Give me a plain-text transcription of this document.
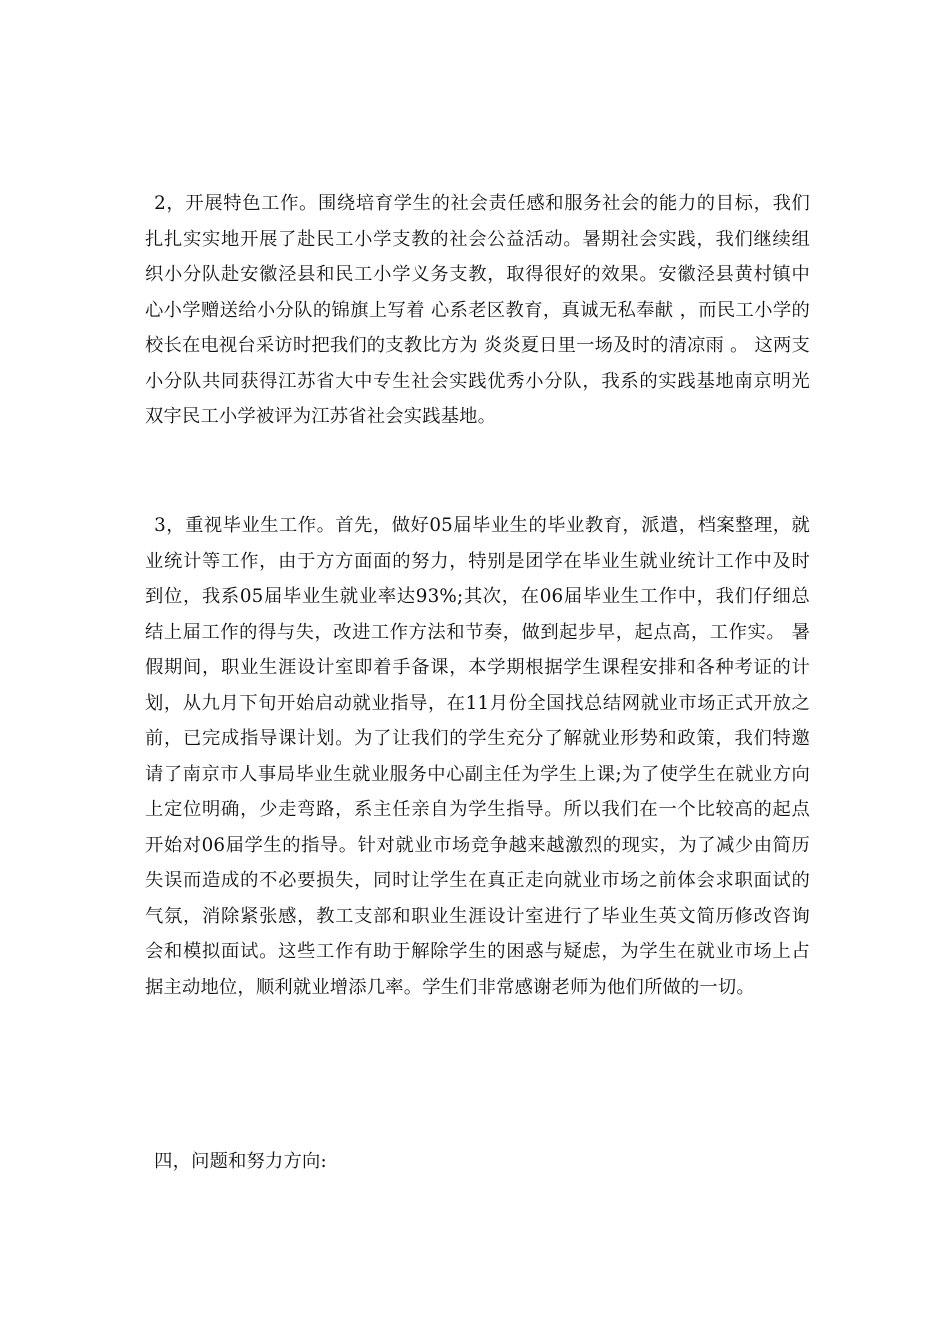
2，开展特色工作。围绕培育学生的社会责任感和服务社会的能力的目标，我们扎扎实实地开展了赴民工小学支教的社会公益活动。暑期社会实践，我们继续组织小分队赴安徽泾县和民工小学义务支教，取得很好的效果。安徽泾县黄村镇中心小学赠送给小分队的锦旗上写着 心系老区教育，真诚无私奉献 ，而民工小学的校长在电视台采访时把我们的支教比方为 炎炎夏日里一场及时的清凉雨 。 这两支小分队共同获得江苏省大中专生社会实践优秀小分队，我系的实践基地南京明光双宇民工小学被评为江苏省社会实践基地。

3，重视毕业生工作。首先，做好05届毕业生的毕业教育，派遣，档案整理，就业统计等工作，由于方方面面的努力，特别是团学在毕业生就业统计工作中及时到位，我系05届毕业生就业率达93%;其次，在06届毕业生工作中，我们仔细总结上届工作的得与失，改进工作方法和节奏，做到起步早，起点高，工作实。 暑假期间，职业生涯设计室即着手备课，本学期根据学生课程安排和各种考证的计划，从九月下旬开始启动就业指导，在11月份全国找总结网就业市场正式开放之前，已完成指导课计划。为了让我们的学生充分了解就业形势和政策，我们特邀请了南京市人事局毕业生就业服务中心副主任为学生上课;为了使学生在就业方向上定位明确，少走弯路，系主任亲自为学生指导。所以我们在一个比较高的起点开始对06届学生的指导。针对就业市场竞争越来越激烈的现实，为了减少由简历失误而造成的不必要损失，同时让学生在真正走向就业市场之前体会求职面试的气氛，消除紧张感，教工支部和职业生涯设计室进行了毕业生英文简历修改咨询会和模拟面试。这些工作有助于解除学生的困惑与疑虑，为学生在就业市场上占据主动地位，顺利就业增添几率。学生们非常感谢老师为他们所做的一切。

四，问题和努力方向:
